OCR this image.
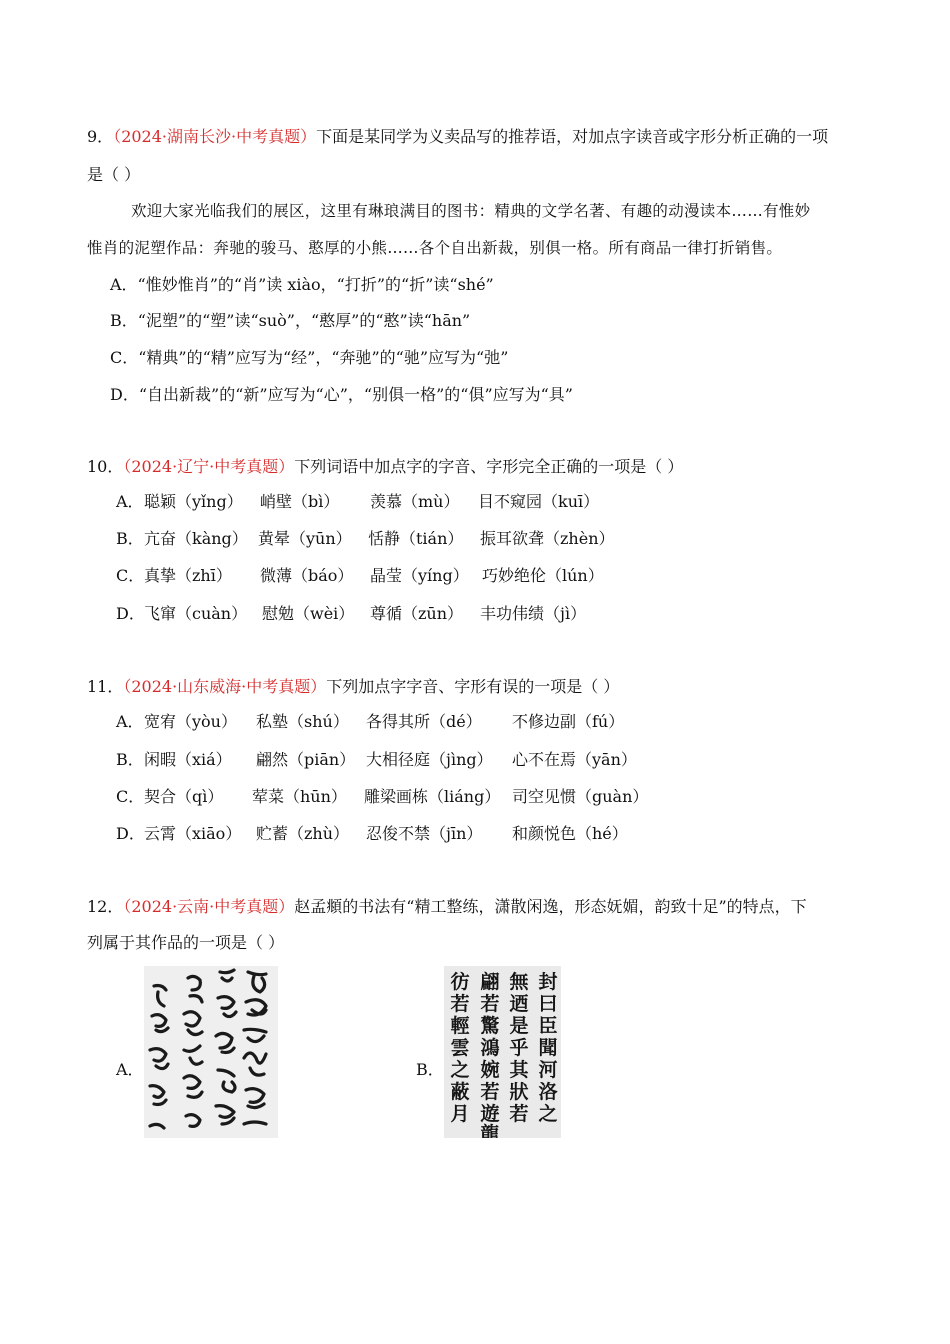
9．（2024·湖南长沙·中考真题）下面是某同学为义卖品写的推荐语，对加点字读音或字形分析正确的一项
是（ ）
欢迎大家光临我们的展区，这里有琳琅满目的图书：精典的文学名著、有趣的动漫读本……有惟妙
惟肖的泥塑作品：奔驰的骏马、憨厚的小熊……各个自出新裁，别俱一格。所有商品一律打折销售。
A．“惟妙惟肖”的“肖”读 xiào，“打折”的“折”读“shé”
B．“泥塑”的“塑”读“suò”，“憨厚”的“憨”读“hān”
C．“精典”的“精”应写为“经”，“奔驰”的“驰”应写为“弛”
D．“自出新裁”的“新”应写为“心”，“别俱一格”的“俱”应写为“具”
10．（2024·辽宁·中考真题）下列词语中加点字的字音、字形完全正确的一项是（ ）
A． 聪颖（yǐng） 峭壁（bì） 羡慕（mù） 目不窥园（kuī）
B． 亢奋（kàng） 黄晕（yūn） 恬静（tián） 振耳欲聋（zhèn）
C． 真挚（zhī） 微薄（báo） 晶莹（yíng） 巧妙绝伦（lún）
D． 飞窜（cuàn） 慰勉（wèi） 尊循（zūn） 丰功伟绩（jì）
11．（2024·山东威海·中考真题）下列加点字字音、字形有误的一项是（ ）
A． 宽宥（yòu） 私塾（shú） 各得其所（dé） 不修边副（fú）
B． 闲暇（xiá） 翩然（piān） 大相径庭（jìng） 心不在焉（yān）
C． 契合（qì） 荤菜（hūn） 雕梁画栋（liáng） 司空见惯（guàn）
D． 云霄（xiāo） 贮蓄（zhù） 忍俊不禁（jīn） 和颜悦色（hé）
12．（2024·云南·中考真题）赵孟頫的书法有“精工整练，潇散闲逸，形态妩媚，韵致十足”的特点，下
列属于其作品的一项是（ ）
A．	B．
封
曰
臣
聞
河
洛
之
無
迺
是
乎
其
狀
若
翩
若
驚
鴻
婉
若
遊
龍
彷
若
輕
雲
之
蔽
月
